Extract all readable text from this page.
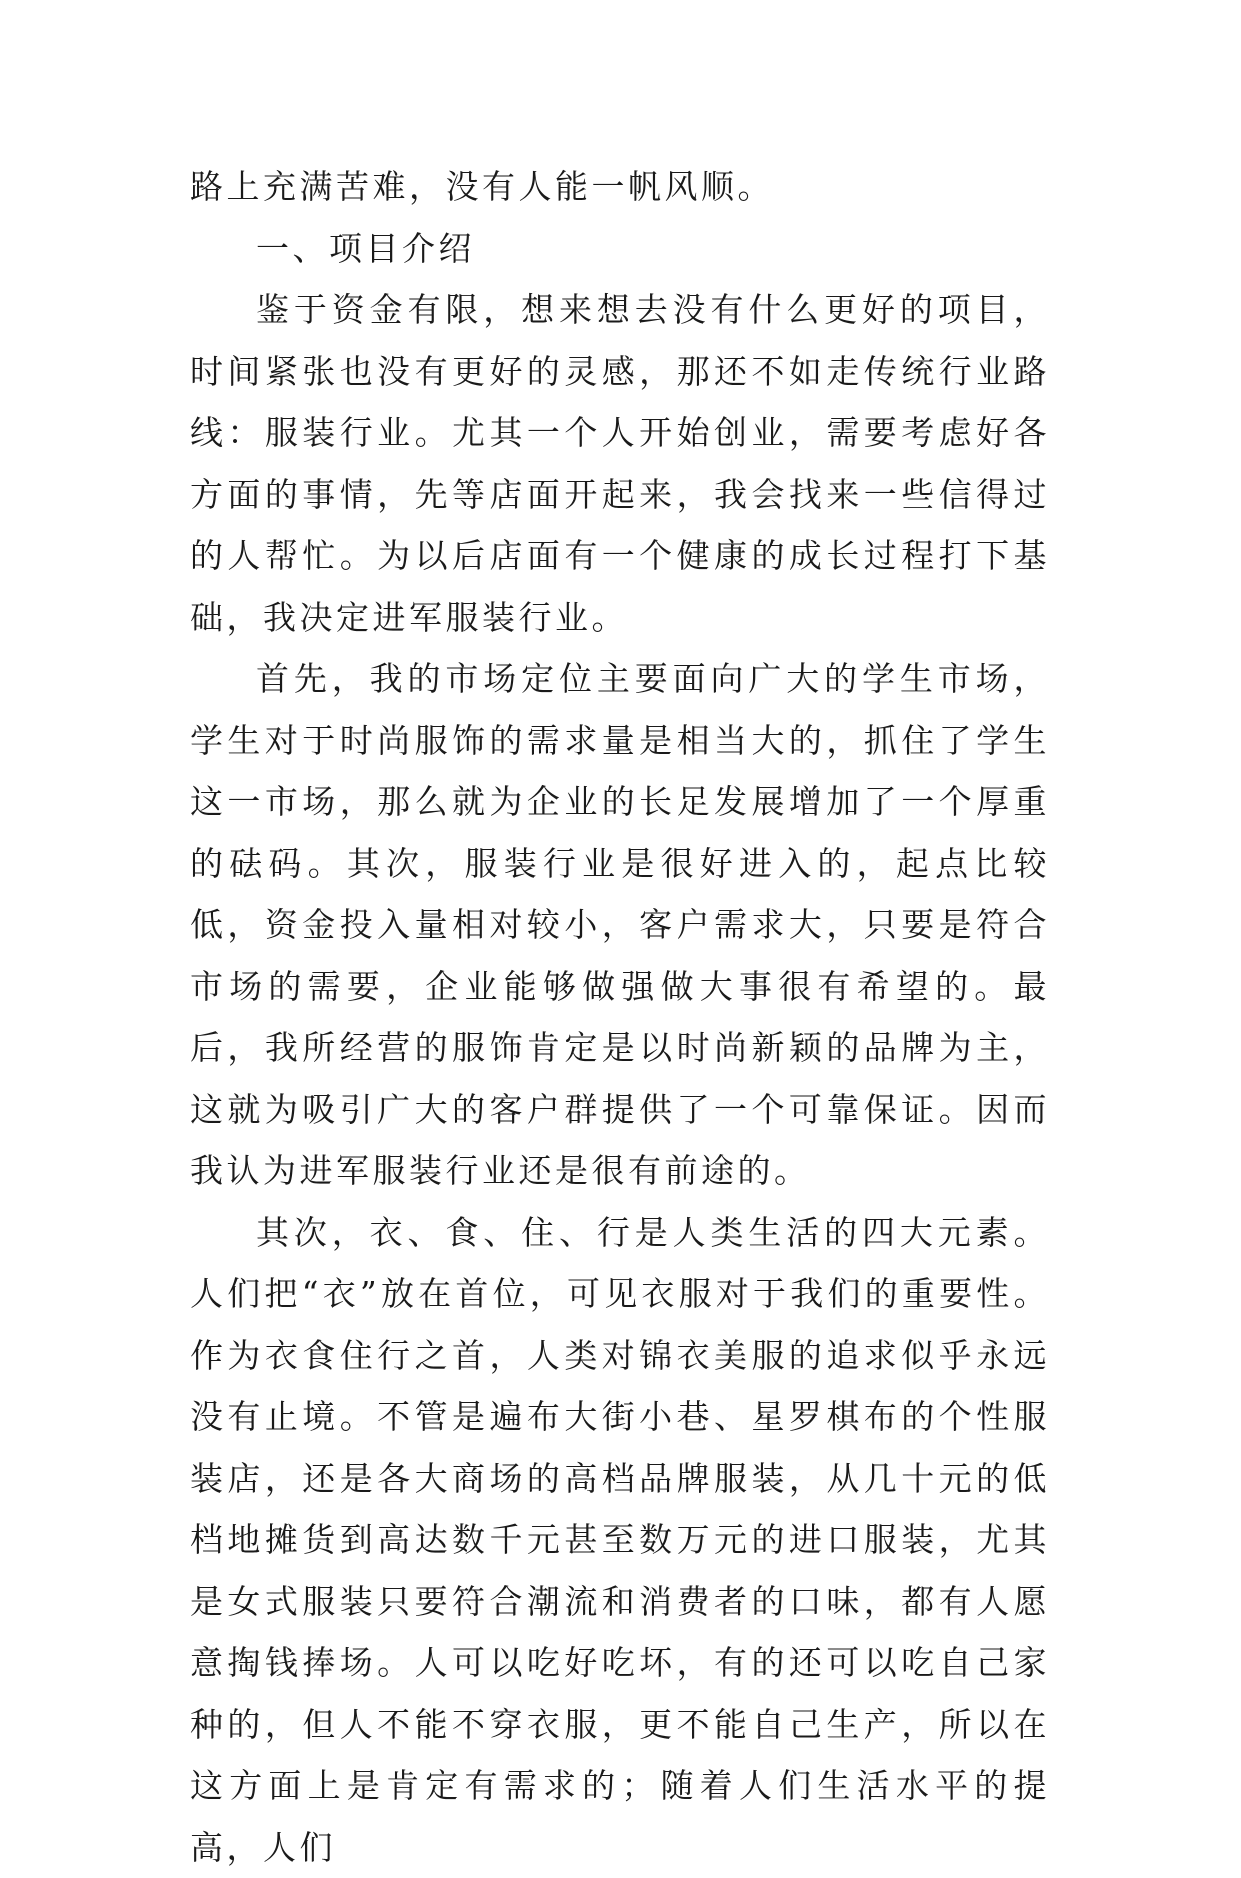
路上充满苦难，没有人能一帆风顺。

一、项目介绍

鉴于资金有限，想来想去没有什么更好的项目，时间紧张也没有更好的灵感，那还不如走传统行业路线：服装行业。尤其一个人开始创业，需要考虑好各方面的事情，先等店面开起来，我会找来一些信得过的人帮忙。为以后店面有一个健康的成长过程打下基础，我决定进军服装行业。

首先，我的市场定位主要面向广大的学生市场，学生对于时尚服饰的需求量是相当大的，抓住了学生这一市场，那么就为企业的长足发展增加了一个厚重的砝码。其次，服装行业是很好进入的，起点比较低，资金投入量相对较小，客户需求大，只要是符合市场的需要，企业能够做强做大事很有希望的。最后，我所经营的服饰肯定是以时尚新颖的品牌为主，这就为吸引广大的客户群提供了一个可靠保证。因而我认为进军服装行业还是很有前途的。

其次，衣、食、住、行是人类生活的四大元素。人们把“衣”放在首位，可见衣服对于我们的重要性。作为衣食住行之首，人类对锦衣美服的追求似乎永远没有止境。不管是遍布大街小巷、星罗棋布的个性服装店，还是各大商场的高档品牌服装，从几十元的低档地摊货到高达数千元甚至数万元的进口服装，尤其是女式服装只要符合潮流和消费者的口味，都有人愿意掏钱捧场。人可以吃好吃坏，有的还可以吃自己家种的，但人不能不穿衣服，更不能自己生产，所以在这方面上是肯定有需求的；随着人们生活水平的提高，人们
